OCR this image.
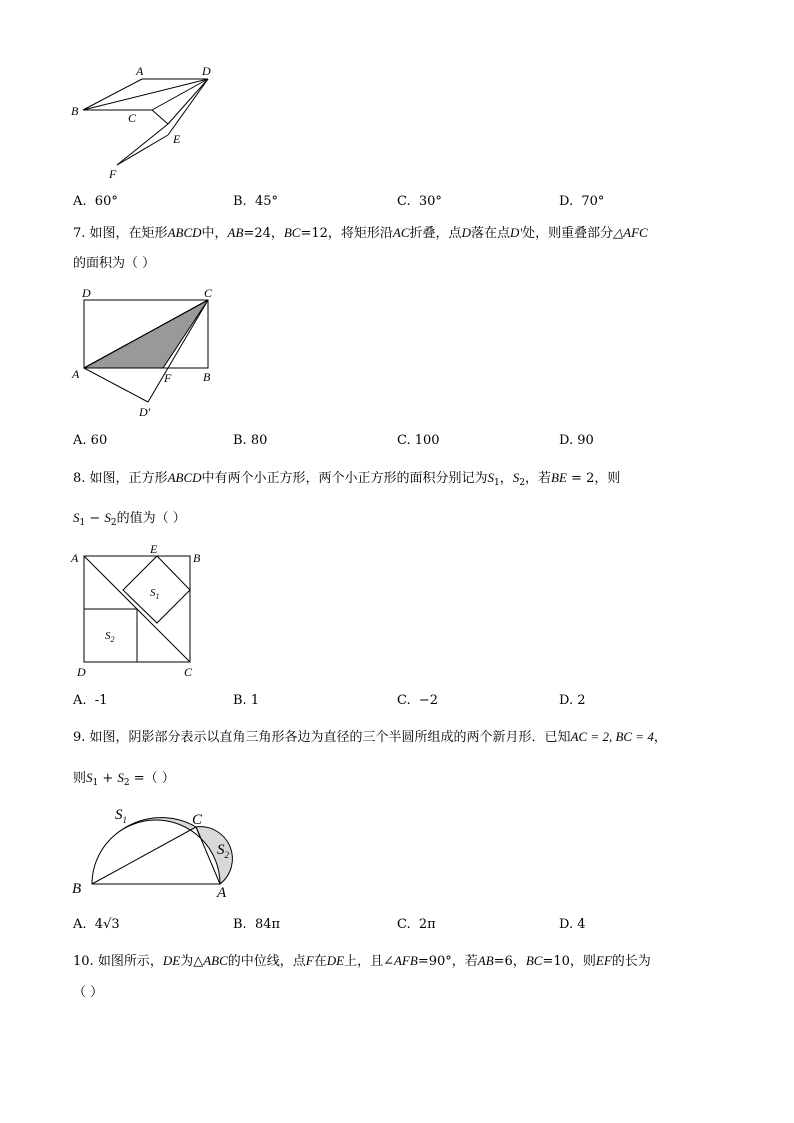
A	D
B	C
E
F
A. 60°	B. 45°	C. 30°	D. 70°
7. 如图，在矩形ABCD中，AB=24，BC=12，将矩形沿AC折叠，点D落在点D'处，则重叠部分△AFC
的面积为（ ）
D	C
A	F	B
D'
A. 60	B. 80	C. 100	D. 90
8. 如图，正方形ABCD中有两个小正方形，两个小正方形的面积分别记为$S_1$，$S_2$，若BE = 2，则
$S_1 - S_2$的值为（ ）
A
E
B
D	C
$S_1$
$S_2$
A. -1	B. 1	C. −2	D. 2
9. 如图，阴影部分表示以直角三角形各边为直径的三个半圆所组成的两个新月形．已知AC = 2, BC = 4，
则$S_1 + S_2$ =（ ）
B
C
A
$S_1$
$S_2$
A. 4√3	B. 84π	C. 2π	D. 4
10. 如图所示，DE为△ABC的中位线，点F在DE上，且∠AFB=90°，若AB=6，BC=10，则EF的长为
（ ）
